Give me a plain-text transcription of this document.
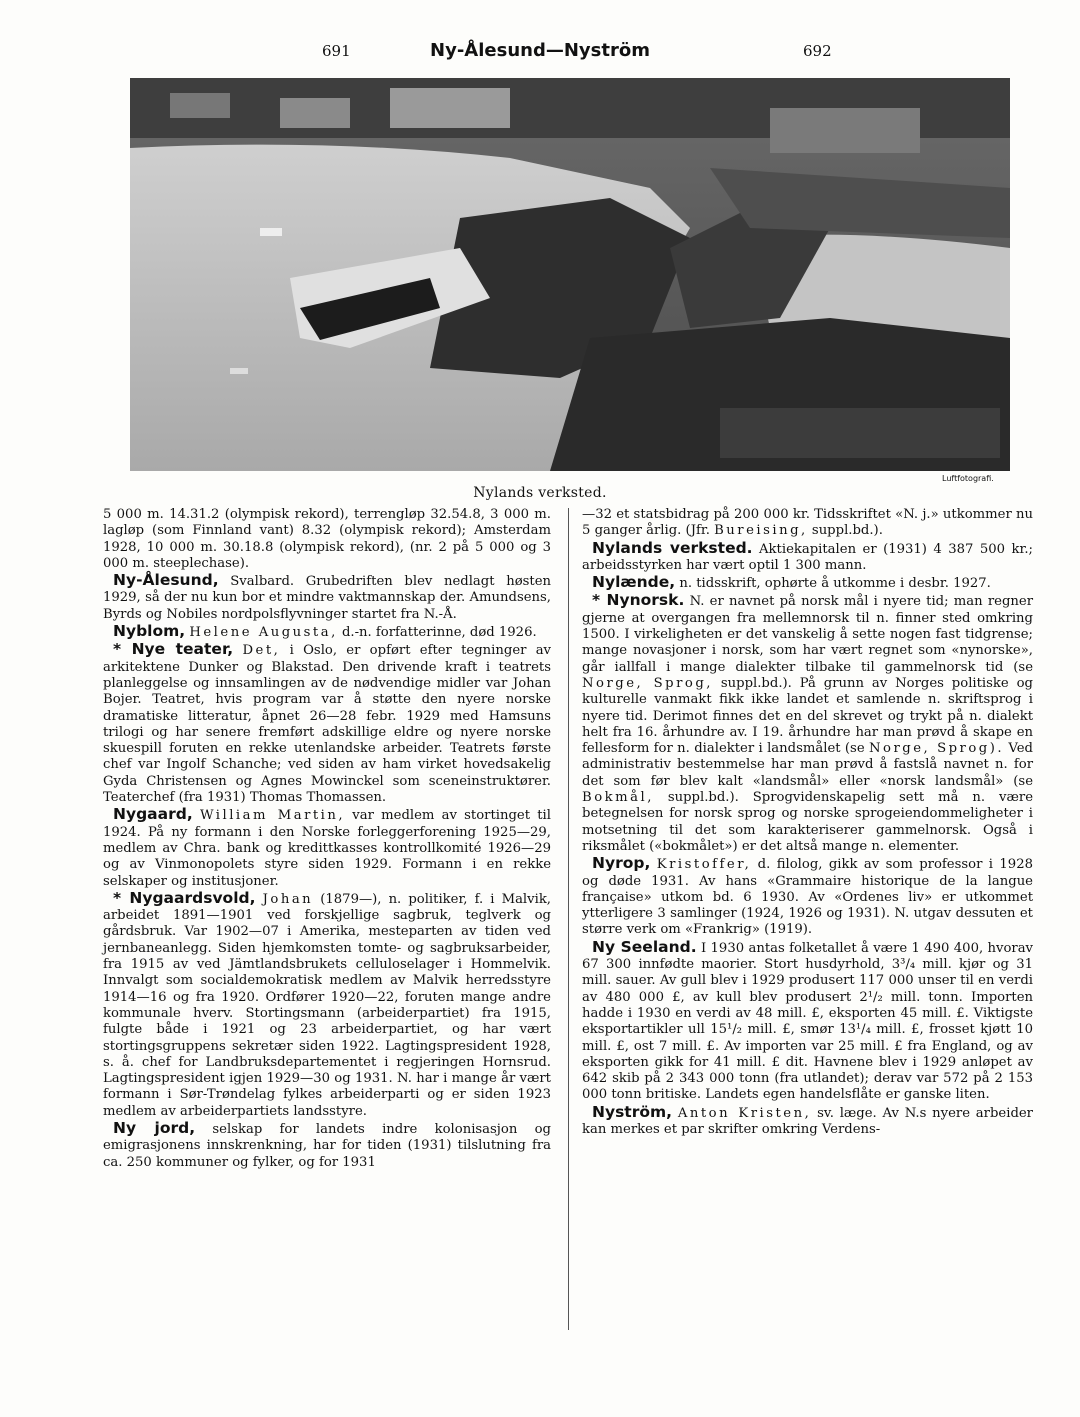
691	Ny-Ålesund—Nyström	692
Luftfotografi.
Nylands verksted.

5 000 m. 14.31.2 (olympisk rekord), terrengløp 32.54.8, 3 000 m. lagløp (som Finnland vant) 8.32 (olympisk rekord); Amsterdam 1928, 10 000 m. 30.18.8 (olympisk rekord), (nr. 2 på 5 000 og 3 000 m. steeplechase).

Ny-Ålesund, Svalbard. Grubedriften blev nedlagt høsten 1929, så der nu kun bor et mindre vaktmannskap der. Amundsens, Byrds og Nobiles nordpolsflyvninger startet fra N.-Å.

Nyblom, Helene Augusta, d.-n. forfatterinne, død 1926.

* Nye teater, Det, i Oslo, er opført efter tegninger av arkitektene Dunker og Blakstad. Den drivende kraft i teatrets planleggelse og innsamlingen av de nødvendige midler var Johan Bojer. Teatret, hvis program var å støtte den nyere norske dramatiske litteratur, åpnet 26—28 febr. 1929 med Hamsuns trilogi og har senere fremført adskillige eldre og nyere norske skuespill foruten en rekke utenlandske arbeider. Teatrets første chef var Ingolf Schanche; ved siden av ham virket hovedsakelig Gyda Christensen og Agnes Mowinckel som sceneinstruktører. Teaterchef (fra 1931) Thomas Thomassen.

Nygaard, William Martin, var medlem av stortinget til 1924. På ny formann i den Norske forleggerforening 1925—29, medlem av Chra. bank og kredittkasses kontrollkomité 1926—29 og av Vinmonopolets styre siden 1929. Formann i en rekke selskaper og institusjoner.

* Nygaardsvold, Johan (1879—), n. politiker, f. i Malvik, arbeidet 1891—1901 ved forskjellige sagbruk, teglverk og gårdsbruk. Var 1902—07 i Amerika, mesteparten av tiden ved jernbaneanlegg. Siden hjemkomsten tomte- og sagbruksarbeider, fra 1915 av ved Jämtlandsbrukets celluloselager i Hommelvik. Innvalgt som socialdemokratisk medlem av Malvik herredsstyre 1914—16 og fra 1920. Ordfører 1920—22, foruten mange andre kommunale hverv. Stortingsmann (arbeiderpartiet) fra 1915, fulgte både i 1921 og 23 arbeiderpartiet, og har vært stortingsgruppens sekretær siden 1922. Lagtingspresident 1928, s. å. chef for Landbruksdepartementet i regjeringen Hornsrud. Lagtingspresident igjen 1929—30 og 1931. N. har i mange år vært formann i Sør-Trøndelag fylkes arbeiderparti og er siden 1923 medlem av arbeiderpartiets landsstyre.

Ny jord, selskap for landets indre kolonisasjon og emigrasjonens innskrenkning, har for tiden (1931) tilslutning fra ca. 250 kommuner og fylker, og for 1931

—32 et statsbidrag på 200 000 kr. Tidsskriftet «N. j.» utkommer nu 5 ganger årlig. (Jfr. Bureising, suppl.bd.).

Nylands verksted. Aktiekapitalen er (1931) 4 387 500 kr.; arbeidsstyrken har vært optil 1 300 mann.

Nylænde, n. tidsskrift, ophørte å utkomme i desbr. 1927.

* Nynorsk. N. er navnet på norsk mål i nyere tid; man regner gjerne at overgangen fra mellemnorsk til n. finner sted omkring 1500. I virkeligheten er det vanskelig å sette nogen fast tidgrense; mange novasjoner i norsk, som har vært regnet som «nynorske», går iallfall i mange dialekter tilbake til gammelnorsk tid (se Norge, Sprog, suppl.bd.). På grunn av Norges politiske og kulturelle vanmakt fikk ikke landet et samlende n. skriftsprog i nyere tid. Derimot finnes det en del skrevet og trykt på n. dialekt helt fra 16. århundre av. I 19. århundre har man prøvd å skape en fellesform for n. dialekter i landsmålet (se Norge, Sprog). Ved administrativ bestemmelse har man prøvd å fastslå navnet n. for det som før blev kalt «landsmål» eller «norsk landsmål» (se Bokmål, suppl.bd.). Sprogvidenskapelig sett må n. være betegnelsen for norsk sprog og norske sprogeiendommeligheter i motsetning til det som karakteriserer gammelnorsk. Også i riksmålet («bokmålet») er det altså mange n. elementer.

Nyrop, Kristoffer, d. filolog, gikk av som professor i 1928 og døde 1931. Av hans «Grammaire historique de la langue française» utkom bd. 6 1930. Av «Ordenes liv» er utkommet ytterligere 3 samlinger (1924, 1926 og 1931). N. utgav dessuten et større verk om «Frankrig» (1919).

Ny Seeland. I 1930 antas folketallet å være 1 490 400, hvorav 67 300 innfødte maorier. Stort husdyrhold, 3³/₄ mill. kjør og 31 mill. sauer. Av gull blev i 1929 produsert 117 000 unser til en verdi av 480 000 £, av kull blev produsert 2¹/₂ mill. tonn. Importen hadde i 1930 en verdi av 48 mill. £, eksporten 45 mill. £. Viktigste eksportartikler ull 15¹/₂ mill. £, smør 13¹/₄ mill. £, frosset kjøtt 10 mill. £, ost 7 mill. £. Av importen var 25 mill. £ fra England, og av eksporten gikk for 41 mill. £ dit. Havnene blev i 1929 anløpet av 642 skib på 2 343 000 tonn (fra utlandet); derav var 572 på 2 153 000 tonn britiske. Landets egen handelsflåte er ganske liten.

Nyström, Anton Kristen, sv. læge. Av N.s nyere arbeider kan merkes et par skrifter omkring Verdens-
